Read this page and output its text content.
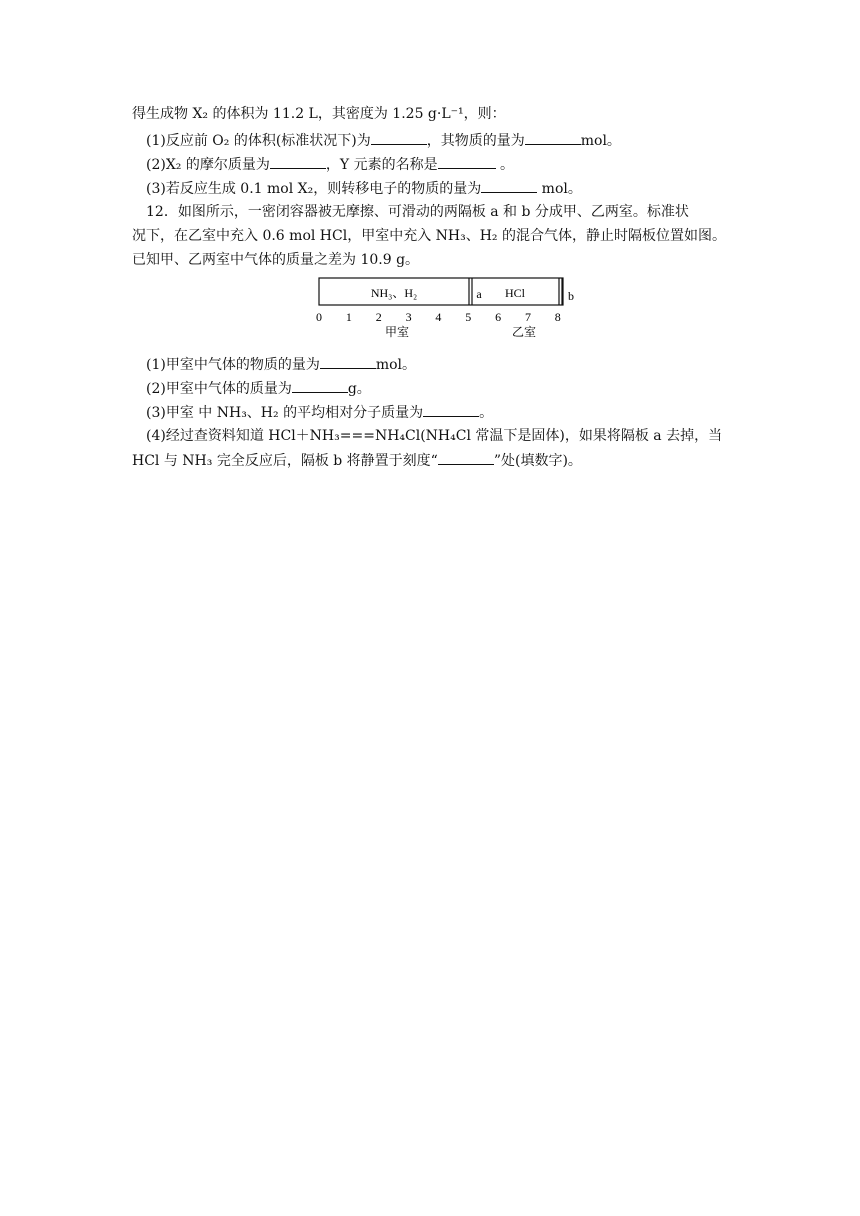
得生成物 X₂ 的体积为 11.2 L，其密度为 1.25 g·L⁻¹，则：
(1)反应前 O₂ 的体积(标准状况下)为	，其物质的量为	mol。
(2)X₂ 的摩尔质量为	，Y 元素的名称是	。
(3)若反应生成 0.1 mol X₂，则转移电子的物质的量为	mol。
12．如图所示，一密闭容器被无摩擦、可滑动的两隔板 a 和 b 分成甲、乙两室。标准状
况下，在乙室中充入 0.6 mol HCl，甲室中充入 NH₃、H₂ 的混合气体，静止时隔板位置如图。
已知甲、乙两室中气体的质量之差为 10.9 g。
NH₃、H₂	a HCl	b
0 1 2 3 4 5 6 7 8
甲室	乙室
(1)甲室中气体的物质的量为	mol。
(2)甲室中气体的质量为	g。
(3)甲室 中 NH₃、H₂ 的平均相对分子质量为	。
(4)经过查资料知道 HCl＋NH₃===NH₄Cl(NH₄Cl 常温下是固体)，如果将隔板 a 去掉，当
HCl 与 NH₃ 完全反应后，隔板 b 将静置于刻度“	”处(填数字)。
